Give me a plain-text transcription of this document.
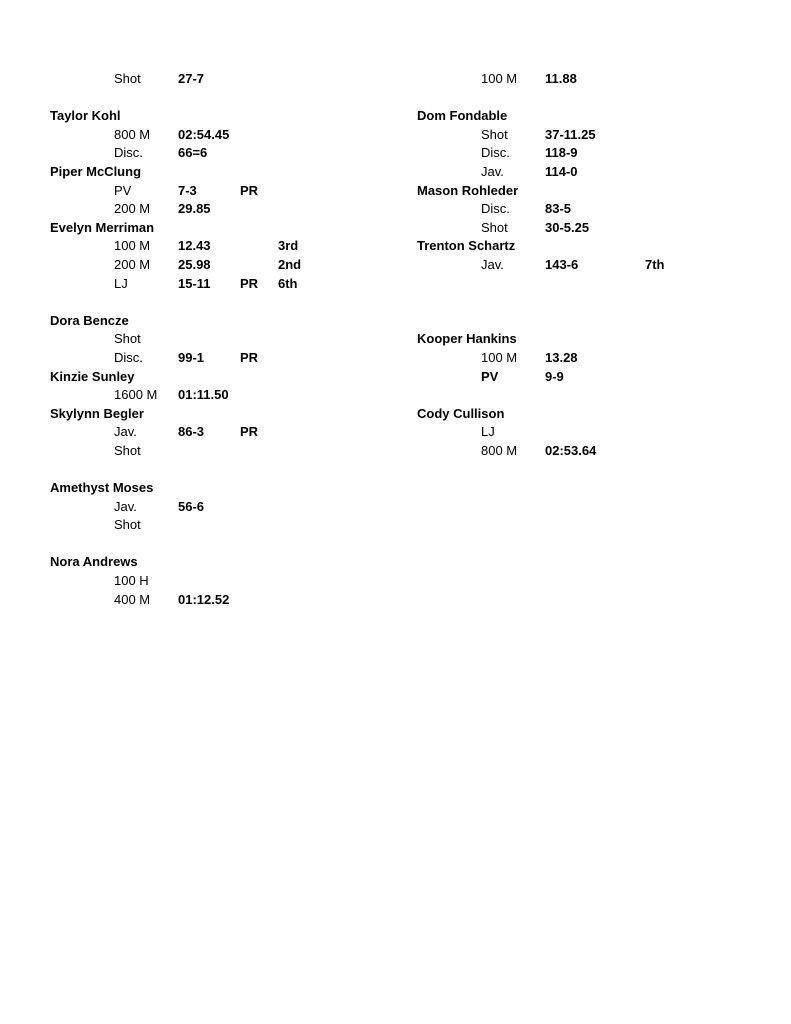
Shot	27-7
Taylor Kohl
800 M 02:54.45
Disc.	66=6
Piper McClung
PV	7-3	PR
200 M 29.85
Evelyn Merriman
100 M 12.43	3rd
200 M 25.98	2nd
LJ	15-11 PR 6th
Dora Bencze
Shot
Disc.	99-1	PR
Kinzie Sunley
1600 M 01:11.50
Skylynn Begler
Jav.	86-3	PR
Shot
Amethyst Moses
Jav.	56-6
Shot
Nora Andrews
100 H
400 M 01:12.52
100 M 11.88
Dom Fondable
Shot	37-11.25
Disc.	118-9
Jav.	114-0
Mason Rohleder
Disc.	83-5
Shot	30-5.25
Trenton Schartz
Jav.	143-6	7th
Kooper Hankins
100 M 13.28
PV	9-9
Cody Cullison
LJ
800 M 02:53.64
